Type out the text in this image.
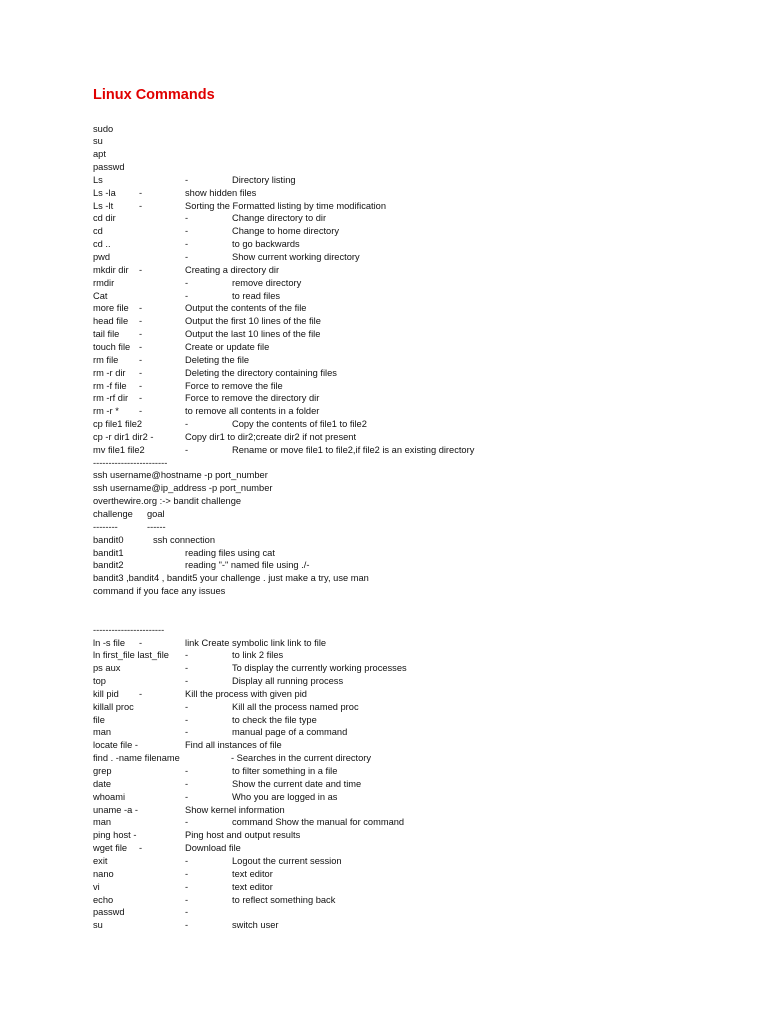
Linux Commands
sudo
su
apt
passwd
Ls	-	Directory listing
Ls -la	-	show hidden files
Ls -lt	-	Sorting the Formatted listing by time modification
cd dir	-	Change directory to dir
cd	-	Change to home directory
cd ..	-	to go backwards
pwd	-	Show current working directory
mkdir dir -	Creating a directory dir
rmdir	-	remove directory
Cat	-	to read files
more file -	Output the contents of the file
head file -	Output the first 10 lines of the file
tail file -	Output the last 10 lines of the file
touch file -	Create or update file
rm file -	Deleting the file
rm -r dir -	Deleting the directory containing files
rm -f file -	Force to remove the file
rm -rf dir -	Force to remove the directory dir
rm -r * -	to remove all contents in a folder
cp file1 file2	-	Copy the contents of file1 to file2
cp -r dir1 dir2 -	Copy dir1 to dir2;create dir2 if not present
mv file1 file2	-	Rename or move file1 to file2,if file2 is an existing directory
------------------------
ssh username@hostname -p port_number
ssh username@ip_address -p port_number
overthewire.org :-> bandit challenge
challenge goal
--------	------
bandit0	ssh connection
bandit1	reading files using cat
bandit2	reading "-" named file using ./-
bandit3 ,bandit4 , bandit5 your challenge . just make a try, use man
command if you face any issues
-----------------------
ln -s file -	link Create symbolic link link to file
ln first_file last_file -	to link 2 files
ps aux	-	To display the currently working processes
top	-	Display all running process
kill pid -	Kill the process with given pid
killall proc	-	Kill all the process named proc
file	-	to check the file type
man	-	manual page of a command
locate file -	Find all instances of file
find . -name filename	- Searches in the current directory
grep	-	to filter something in a file
date	-	Show the current date and time
whoami	-	Who you are logged in as
uname -a -	Show kernel information
man	-	command Show the manual for command
ping host -	Ping host and output results
wget file -	Download file
exit	-	Logout the current session
nano	-	text editor
vi	-	text editor
echo	-	to reflect something back
passwd	-
su	-	switch user
